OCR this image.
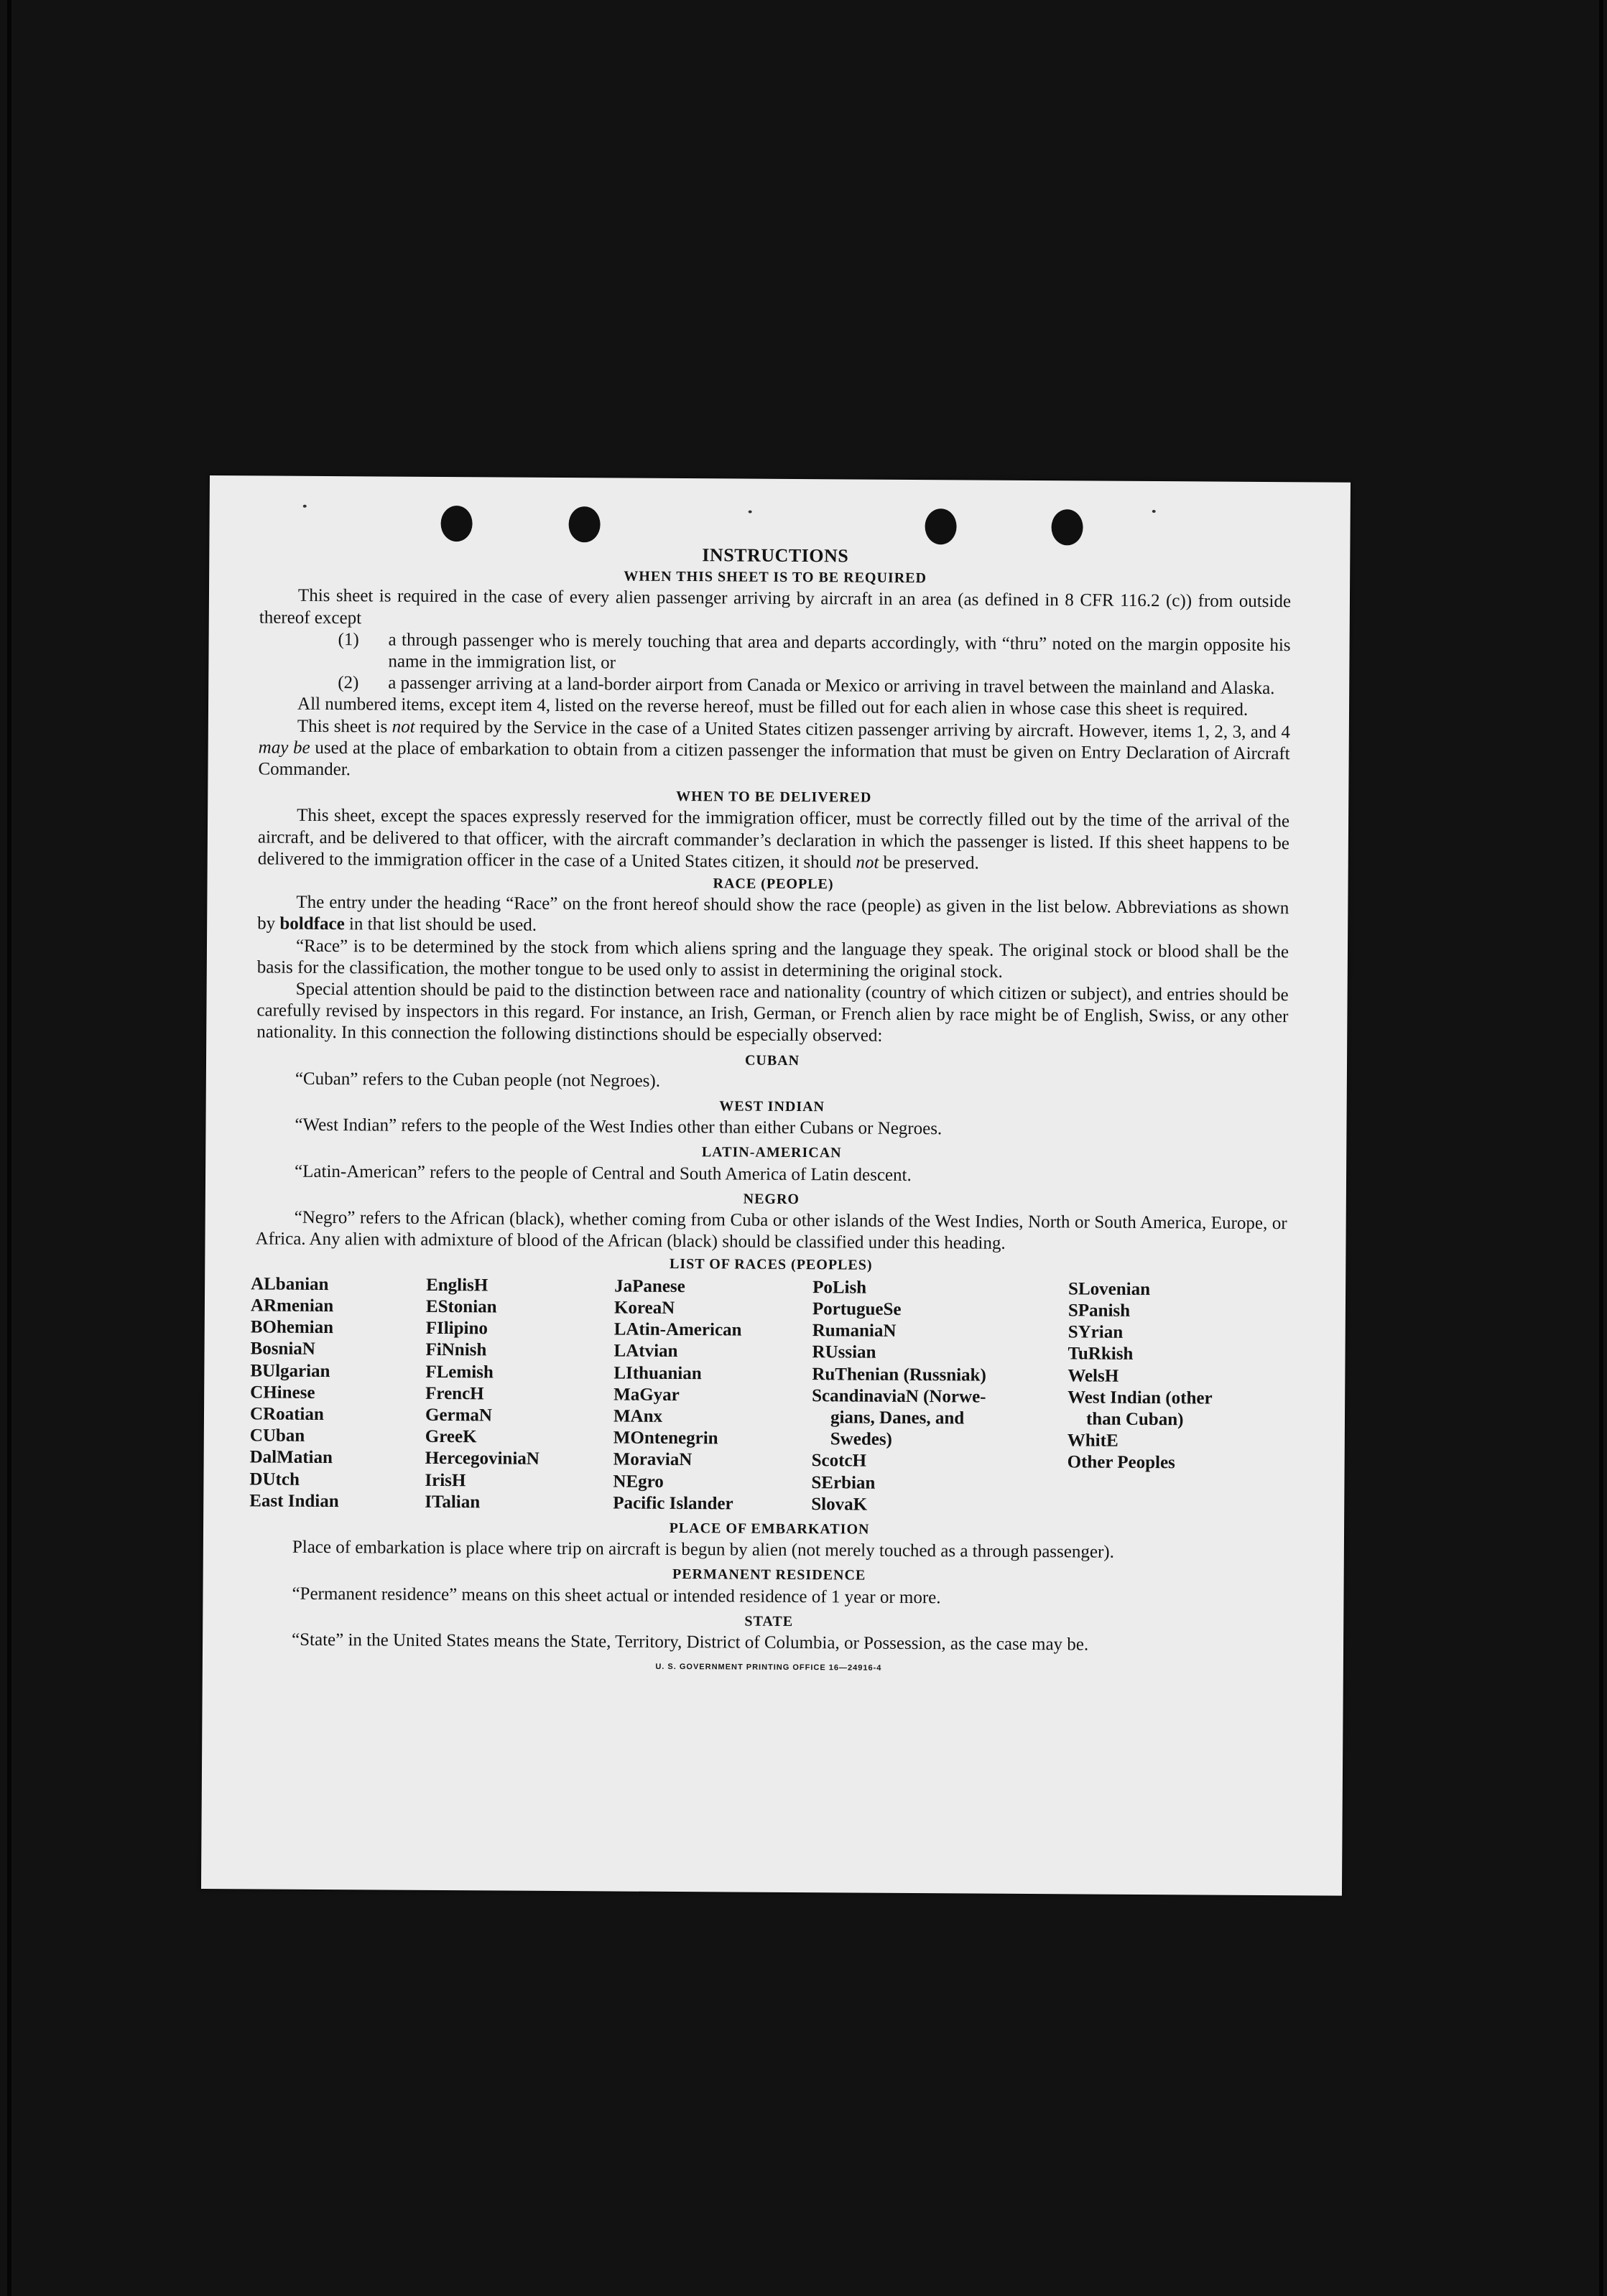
INSTRUCTIONS
WHEN THIS SHEET IS TO BE REQUIRED

This sheet is required in the case of every alien passenger arriving by aircraft in an area (as defined in 8 CFR 116.2 (c)) from outside thereof except

(1)	a through passenger who is merely touching that area and departs accordingly, with “thru” noted on the margin opposite his name in the immigration list, or
(2)	a passenger arriving at a land-border airport from Canada or Mexico or arriving in travel between the mainland and Alaska.

All numbered items, except item 4, listed on the reverse hereof, must be filled out for each alien in whose case this sheet is required.

This sheet is not required by the Service in the case of a United States citizen passenger arriving by aircraft. However, items 1, 2, 3, and 4 may be used at the place of embarkation to obtain from a citizen passenger the information that must be given on Entry Declaration of Aircraft Commander.

WHEN TO BE DELIVERED

This sheet, except the spaces expressly reserved for the immigration officer, must be correctly filled out by the time of the arrival of the aircraft, and be delivered to that officer, with the aircraft commander’s declaration in which the passenger is listed. If this sheet happens to be delivered to the immigration officer in the case of a United States citizen, it should not be preserved.

RACE (PEOPLE)

The entry under the heading “Race” on the front hereof should show the race (people) as given in the list below. Abbreviations as shown by boldface in that list should be used.

“Race” is to be determined by the stock from which aliens spring and the language they speak. The original stock or blood shall be the basis for the classification, the mother tongue to be used only to assist in determining the original stock.

Special attention should be paid to the distinction between race and nationality (country of which citizen or subject), and entries should be carefully revised by inspectors in this regard. For instance, an Irish, German, or French alien by race might be of English, Swiss, or any other nationality. In this connection the following distinctions should be especially observed:

CUBAN

“Cuban” refers to the Cuban people (not Negroes).

WEST INDIAN

“West Indian” refers to the people of the West Indies other than either Cubans or Negroes.

LATIN-AMERICAN

“Latin-American” refers to the people of Central and South America of Latin descent.

NEGRO

“Negro” refers to the African (black), whether coming from Cuba or other islands of the West Indies, North or South America, Europe, or Africa. Any alien with admixture of blood of the African (black) should be classified under this heading.

LIST OF RACES (PEOPLES)
ALbanian
ARmenian
BOhemian
BosniaN
BUlgarian
CHinese
CRoatian
CUban
DalMatian
DUtch
East Indian
EnglisH
EStonian
FIlipino
FiNnish
FLemish
FrencH
GermaN
GreeK
HercegoviniaN
IrisH
ITalian
JaPanese
KoreaN
LAtin-American
LAtvian
LIthuanian
MaGyar
MAnx
MOntenegrin
MoraviaN
NEgro
Pacific Islander
PoLish
PortugueSe
RumaniaN
RUssian
RuThenian (Russniak)
ScandinaviaN (Norwe-
gians, Danes, and
Swedes)
ScotcH
SErbian
SlovaK
SLovenian
SPanish
SYrian
TuRkish
WelsH
West Indian (other
than Cuban)
WhitE
Other Peoples
PLACE OF EMBARKATION

Place of embarkation is place where trip on aircraft is begun by alien (not merely touched as a through passenger).

PERMANENT RESIDENCE

“Permanent residence” means on this sheet actual or intended residence of 1 year or more.

STATE

“State” in the United States means the State, Territory, District of Columbia, or Possession, as the case may be.

U. S. GOVERNMENT PRINTING OFFICE 16—24916-4
